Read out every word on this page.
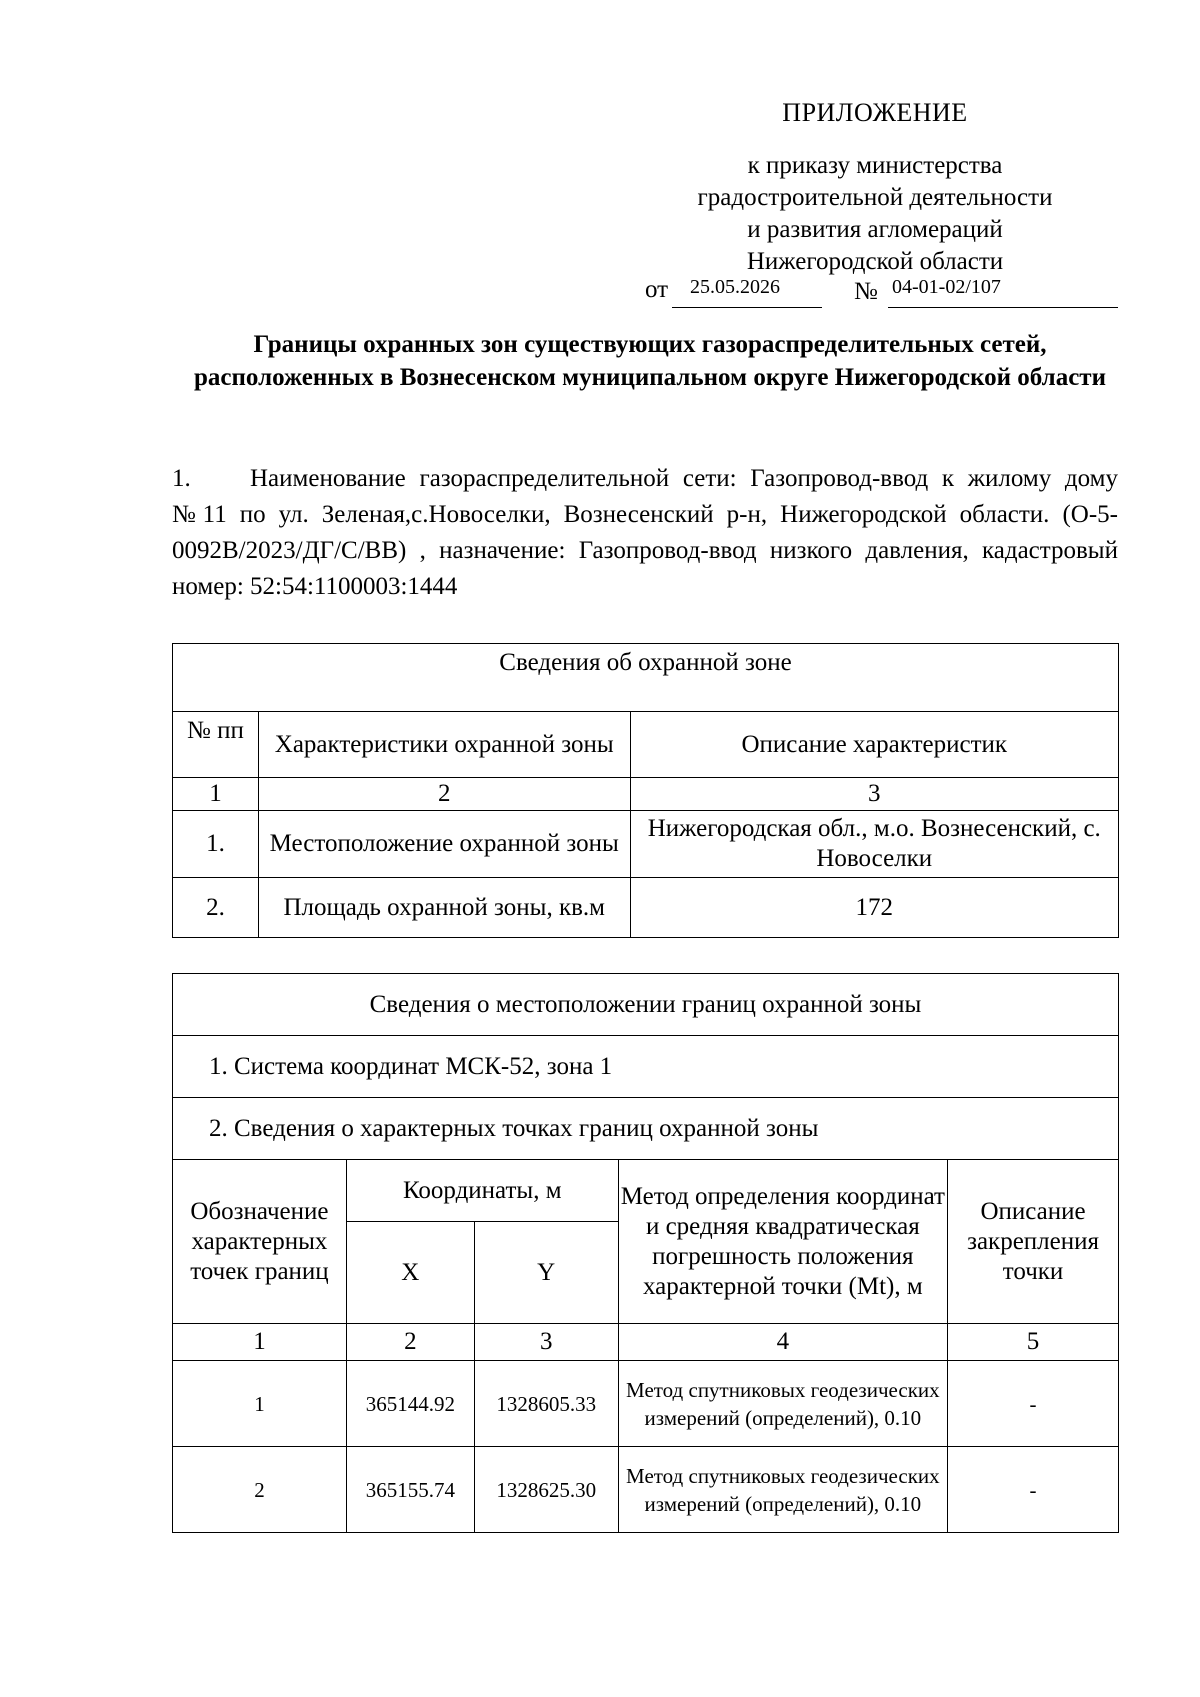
ПРИЛОЖЕНИЕ
к приказу министерства
градостроительной деятельности
и развития агломераций
Нижегородской области
от	25.05.2026	№ 04-01-02/107
Границы охранных зон существующих газораспределительных сетей, расположенных в Вознесенском муниципальном округе Нижегородской области
1. Наименование газораспределительной сети: Газопровод-ввод к жилому дому №11 по ул. Зеленая,с.Новоселки, Вознесенский р-н, Нижегородской области. (О-5-0092В/2023/ДГ/С/ВВ) , назначение: Газопровод-ввод низкого давления, кадастровый номер: 52:54:1100003:1444
Сведения об охранной зоне		
№ пп	Характеристики охранной зоны	Описание характеристик
1	2	3
1.	Местоположение охранной зоны	Нижегородская обл., м.о. Вознесенский, с. Новоселки
2.	Площадь охранной зоны, кв.м	172
Сведения о местоположении границ охранной зоны				
1. Система координат МСК-52, зона 1				
2. Сведения о характерных точках границ охранной зоны				
Обозначение характерных точек границ	Координаты, м		Метод определения координат и средняя квадратическая погрешность положения характерной точки (Mt), м	Описание закрепления точки
	X	Y		
1	2	3	4	5
1	365144.92	1328605.33	Метод спутниковых геодезических измерений (определений), 0.10	-
2	365155.74	1328625.30	Метод спутниковых геодезических измерений (определений), 0.10	-
